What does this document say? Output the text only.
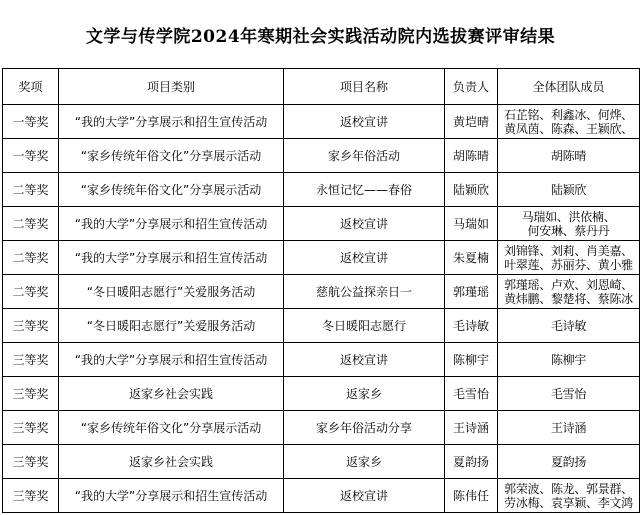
文学与传学院2024年寒期社会实践活动院内选拔赛评审结果
奖项	项目类别	项目名称	负责人	全体团队成员
一等奖	“我的大学”分享展示和招生宣传活动	返校宣讲	黄垲晴	石芷铭、利鑫冰、何烨、
黄凤茵、陈森、王颖欣、

一等奖	“家乡传统年俗文化”分享展示活动	家乡年俗活动	胡陈晴	胡陈晴

二等奖	“家乡传统年俗文化”分享展示活动	永恒记忆——春俗	陆颖欣	陆颖欣

二等奖	“我的大学”分享展示和招生宣传活动	返校宣讲	马瑞如	马瑞如、洪依楠、
何安琳、蔡丹丹

二等奖	“我的大学”分享展示和招生宣传活动	返校宣讲	朱夏楠	刘锦锋、刘莉、肖美嘉、
叶翠莲、苏丽芬、黄小雅

二等奖	“冬日暖阳志愿行”关爱服务活动	慈航公益探亲日一	郭瑾瑶	郭瑾瑶、卢欢、刘恩崎、
黄炜鹏、黎楚将、蔡陈冰

三等奖	“冬日暖阳志愿行”关爱服务活动	冬日暖阳志愿行	毛诗敏	毛诗敏

三等奖	“我的大学”分享展示和招生宣传活动	返校宣讲	陈柳宇	陈柳宇

三等奖	返家乡社会实践	返家乡	毛雪怡	毛雪怡

三等奖	“家乡传统年俗文化”分享展示活动	家乡年俗活动分享	王诗涵	王诗涵

三等奖	返家乡社会实践	返家乡	夏韵扬	夏韵扬

三等奖	“我的大学”分享展示和招生宣传活动	返校宣讲	陈伟任	郭荣波、陈龙、郭景群、
劳冰梅、袁享颖、李文鸿
